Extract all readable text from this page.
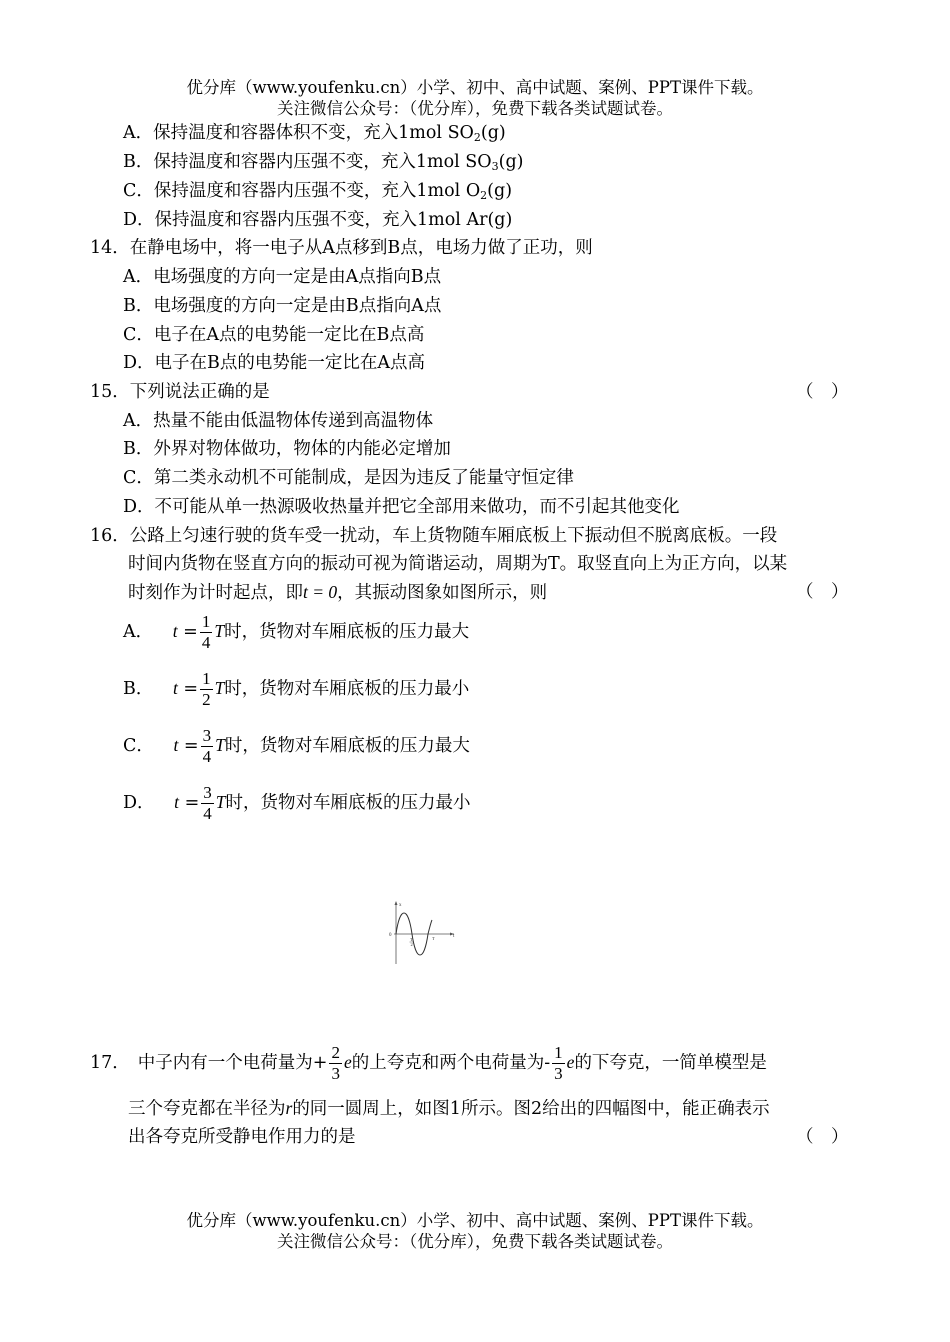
优分库（www.youfenku.cn）小学、初中、高中试题、案例、PPT课件下载。
关注微信公众号：（优分库），免费下载各类试题试卷。
A．保持温度和容器体积不变，充入1mol $SO_2(g)$
B．保持温度和容器内压强不变，充入1mol $SO_3(g)$
C．保持温度和容器内压强不变，充入1mol $O_2(g)$
D．保持温度和容器内压强不变，充入1mol Ar(g)
14．在静电场中，将一电子从A点移到B点，电场力做了正功，则
A．电场强度的方向一定是由A点指向B点
B．电场强度的方向一定是由B点指向A点
C．电子在A点的电势能一定比在B点高
D．电子在B点的电势能一定比在A点高
15．下列说法正确的是	（　）
A．热量不能由低温物体传递到高温物体
B．外界对物体做功，物体的内能必定增加
C．第二类永动机不可能制成，是因为违反了能量守恒定律
D．不可能从单一热源吸收热量并把它全部用来做功，而不引起其他变化
16．公路上匀速行驶的货车受一扰动，车上货物随车厢底板上下振动但不脱离底板。一段
时间内货物在竖直方向的振动可视为简谐运动，周期为T。取竖直向上为正方向，以某
时刻作为计时起点，即t = 0，其振动图象如图所示，则	（　）
A． $t = \frac{1}{4}$ T时，货物对车厢底板的压力最大
B． $t = \frac{1}{2}$ T时，货物对车厢底板的压力最小
C． $t = \frac{3}{4}$ T时，货物对车厢底板的压力最大
D． $t = \frac{3}{4}$ T时，货物对车厢底板的压力最小
x
t
0
T
2
T
17． 中子内有一个电荷量为+ $\frac{2}{3}$ e的上夸克和两个电荷量为- $\frac{1}{3}$ e的下夸克，一简单模型是
三个夸克都在半径为r的同一圆周上，如图1所示。图2给出的四幅图中，能正确表示
出各夸克所受静电作用力的是	（　）
优分库（www.youfenku.cn）小学、初中、高中试题、案例、PPT课件下载。
关注微信公众号：（优分库），免费下载各类试题试卷。
